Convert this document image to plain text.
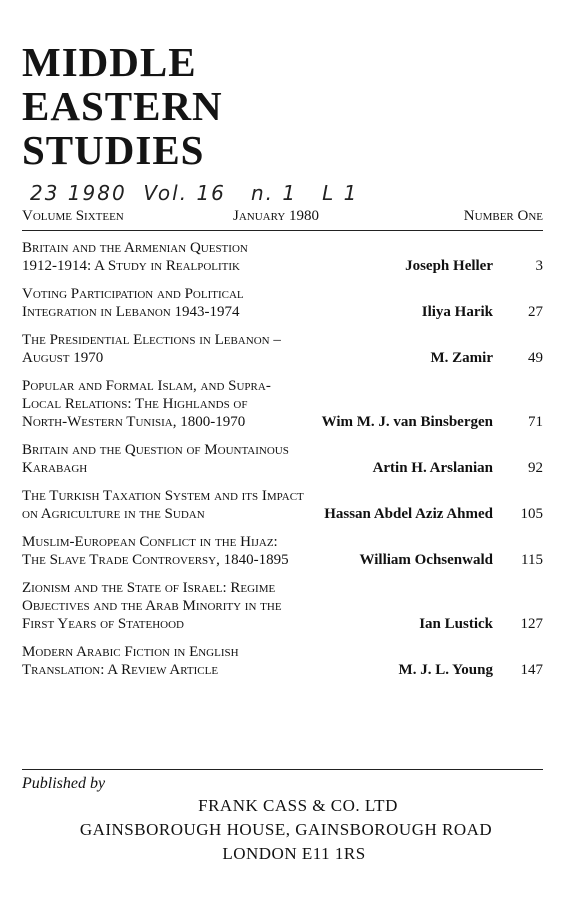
MIDDLE
EASTERN
STUDIES
23 1980  Vol. 16   n. 1   L 1
Volume Sixteen	January 1980	Number One
Britain and the Armenian Question
1912-1914: A Study in Realpolitik	Joseph Heller	3
Voting Participation and Political
Integration in Lebanon 1943-1974	Iliya Harik 27
The Presidential Elections in Lebanon –
August 1970	M. Zamir 49
Popular and Formal Islam, and Supra-
Local Relations: The Highlands of
North-Western Tunisia, 1800-1970	Wim M. J. van Binsbergen 71
Britain and the Question of Mountainous
Karabagh	Artin H. Arslanian 92
The Turkish Taxation System and its Impact
on Agriculture in the Sudan	Hassan Abdel Aziz Ahmed 105
Muslim-European Conflict in the Hijaz:
The Slave Trade Controversy, 1840-1895	William Ochsenwald 115
Zionism and the State of Israel: Regime
Objectives and the Arab Minority in the
First Years of Statehood	Ian Lustick 127
Modern Arabic Fiction in English
Translation: A Review Article	M. J. L. Young 147
Published by
FRANK CASS & CO. LTD
GAINSBOROUGH HOUSE, GAINSBOROUGH ROAD
LONDON E11 1RS
